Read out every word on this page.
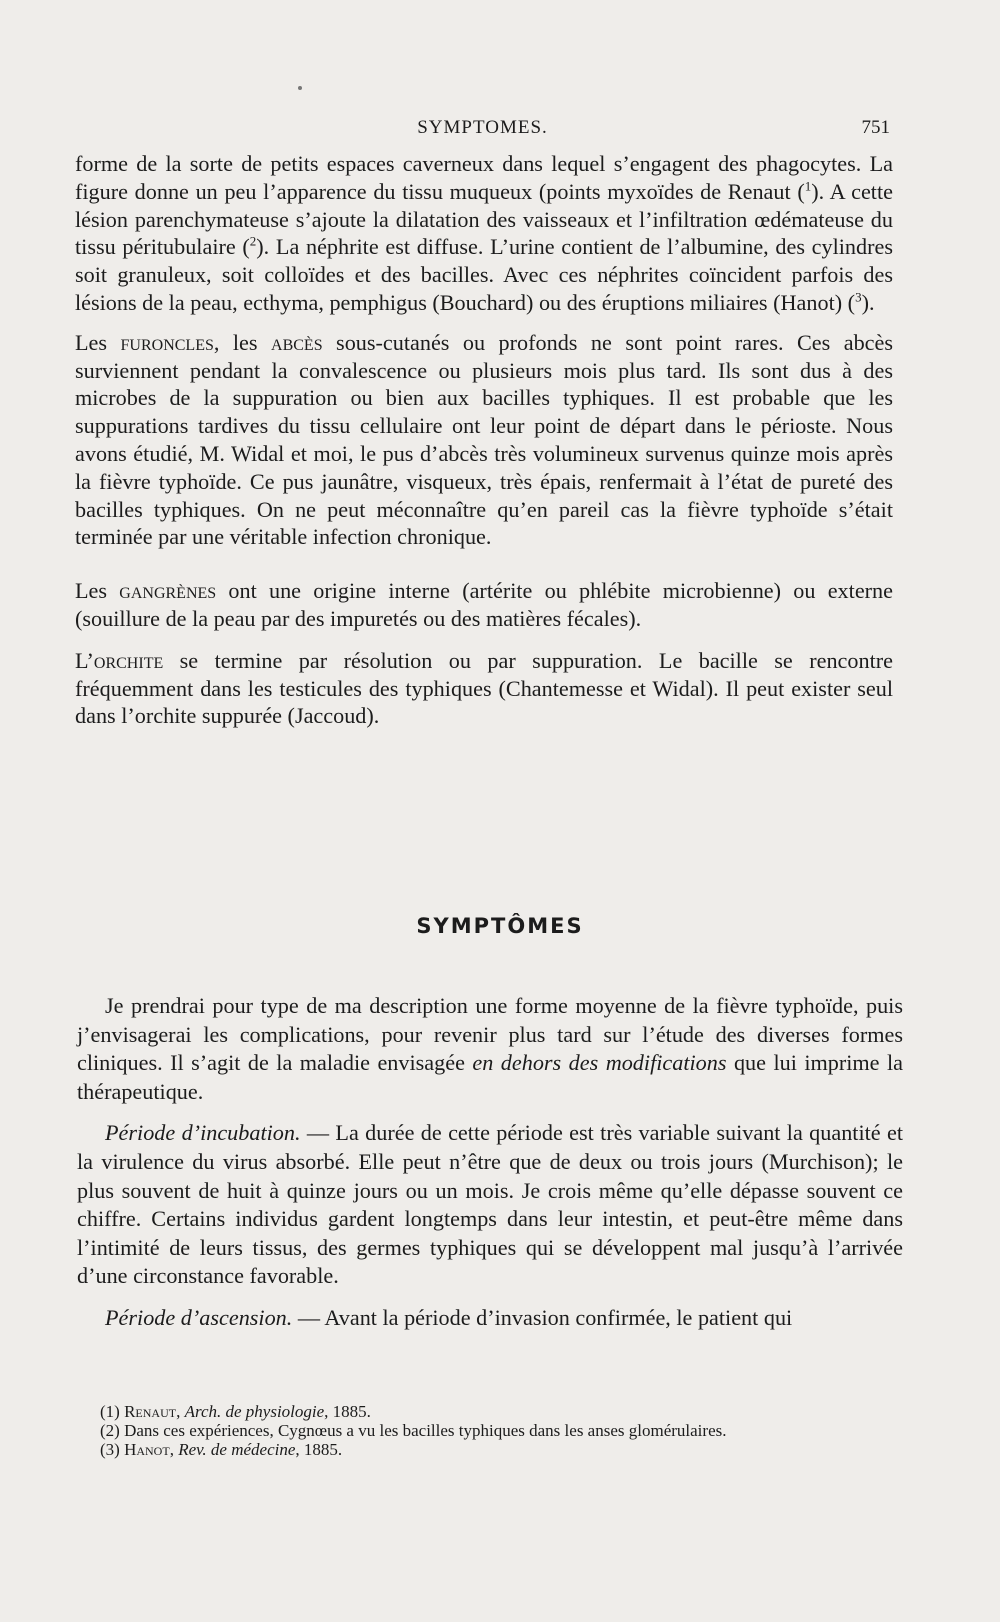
SYMPTOMES.	751

forme de la sorte de petits espaces caverneux dans lequel s’engagent des phagocytes. La figure donne un peu l’apparence du tissu muqueux (points myxoïdes de Renaut ($^1$). A cette lésion parenchymateuse s’ajoute la dilatation des vaisseaux et l’infiltration œdémateuse du tissu péritubulaire ($^2$). La néphrite est diffuse. L’urine contient de l’albumine, des cylindres soit granuleux, soit colloïdes et des bacilles. Avec ces néphrites coïncident parfois des lésions de la peau, ecthyma, pemphigus (Bouchard) ou des éruptions miliaires (Hanot) ($^3$).

Les furoncles, les abcès sous-cutanés ou profonds ne sont point rares. Ces abcès surviennent pendant la convalescence ou plusieurs mois plus tard. Ils sont dus à des microbes de la suppuration ou bien aux bacilles typhiques. Il est probable que les suppurations tardives du tissu cellulaire ont leur point de départ dans le périoste. Nous avons étudié, M. Widal et moi, le pus d’abcès très volumineux survenus quinze mois après la fièvre typhoïde. Ce pus jaunâtre, visqueux, très épais, renfermait à l’état de pureté des bacilles typhiques. On ne peut méconnaître qu’en pareil cas la fièvre typhoïde s’était terminée par une véritable infection chronique.

Les gangrènes ont une origine interne (artérite ou phlébite microbienne) ou externe (souillure de la peau par des impuretés ou des matières fécales).

L’orchite se termine par résolution ou par suppuration. Le bacille se rencontre fréquemment dans les testicules des typhiques (Chantemesse et Widal). Il peut exister seul dans l’orchite suppurée (Jaccoud).

SYMPTÔMES

Je prendrai pour type de ma description une forme moyenne de la fièvre typhoïde, puis j’envisagerai les complications, pour revenir plus tard sur l’étude des diverses formes cliniques. Il s’agit de la maladie envisagée en dehors des modifications que lui imprime la thérapeutique.

Période d’incubation. — La durée de cette période est très variable suivant la quantité et la virulence du virus absorbé. Elle peut n’être que de deux ou trois jours (Murchison); le plus souvent de huit à quinze jours ou un mois. Je crois même qu’elle dépasse souvent ce chiffre. Certains individus gardent longtemps dans leur intestin, et peut-être même dans l’intimité de leurs tissus, des germes typhiques qui se développent mal jusqu’à l’arrivée d’une circonstance favorable.

Période d’ascension. — Avant la période d’invasion confirmée, le patient qui

(1) Renaut, Arch. de physiologie, 1885.
(2) Dans ces expériences, Cygnœus a vu les bacilles typhiques dans les anses glomérulaires.
(3) Hanot, Rev. de médecine, 1885.
